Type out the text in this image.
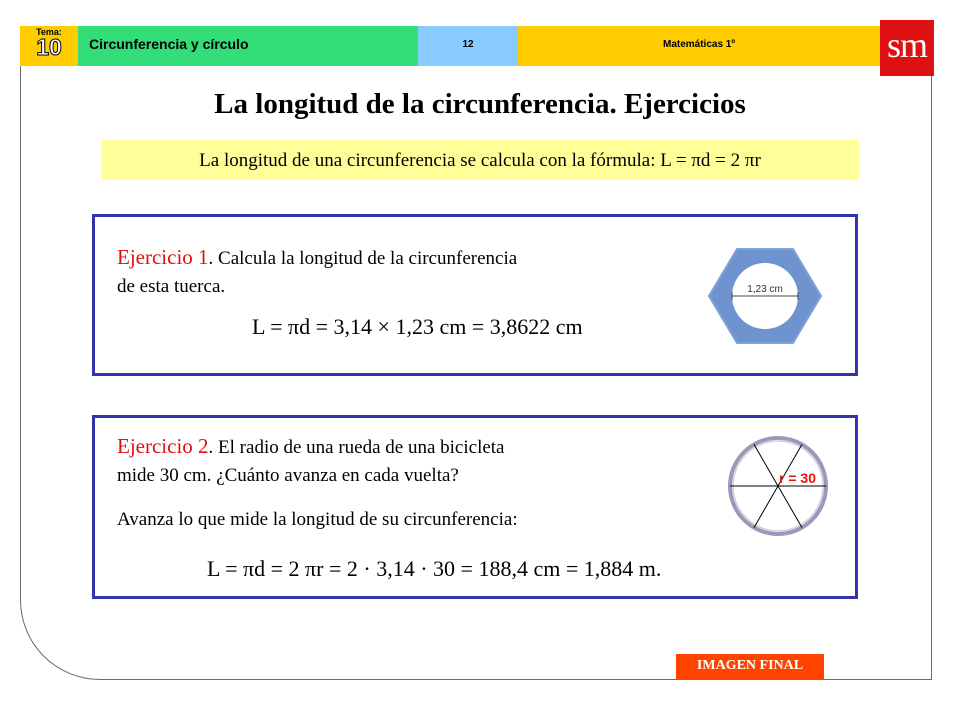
Tema:
10	Circunferencia y círculo	12	Matemáticas 1º	sm
La longitud de la circunferencia. Ejercicios
La longitud de una circunferencia se calcula con la fórmula: L = πd = 2 πr
Ejercicio 1. Calcula la longitud de la circunferencia
de esta tuerca.
L = πd = 3,14 × 1,23 cm = 3,8622 cm
1,23 cm
Ejercicio 2. El radio de una rueda de una bicicleta
mide 30 cm. ¿Cuánto avanza en cada vuelta?
Avanza lo que mide la longitud de su circunferencia:
L = πd = 2 πr = 2 · 3,14 · 30 = 188,4 cm = 1,884 m.
r = 30
IMAGEN FINAL
